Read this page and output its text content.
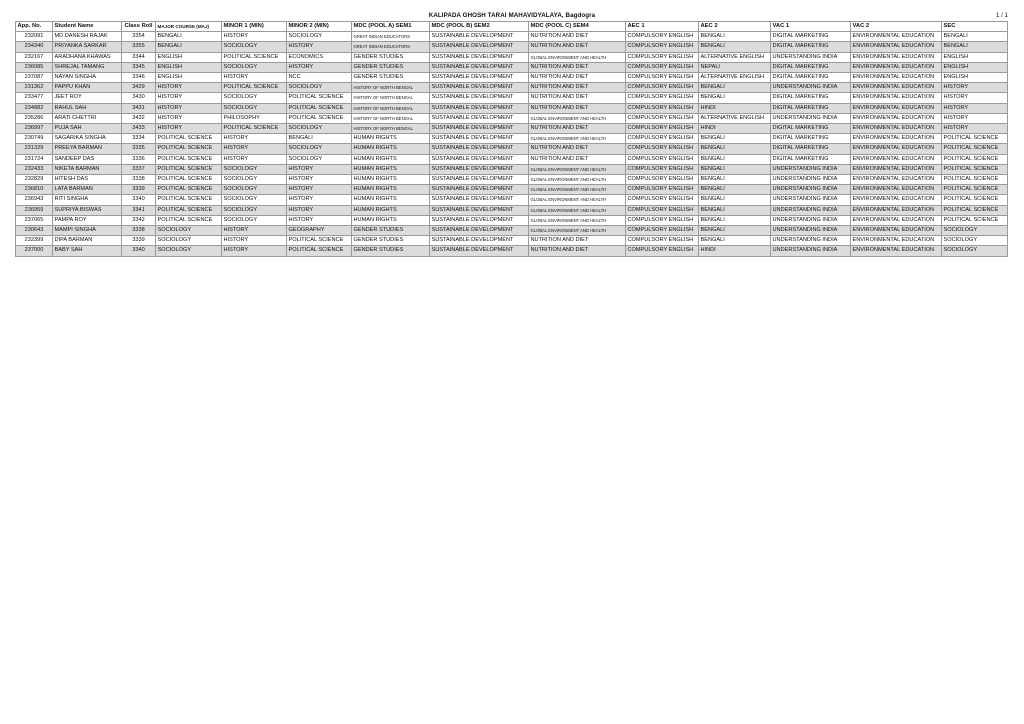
KALIPADA GHOSH TARAI MAHAVIDYALAYA, Bagdogra	1 / 1
App. No.	Student Name	Class Roll	MAJOR COURSE (MAJ)	MINOR 1 (MIN)	MINOR 2 (MIN)	MDC (POOL A) SEM1	MDC (POOL B) SEM2	MDC (POOL C) SEM4	AEC 1	AEC 2	VAC 1	VAC 2	SEC
232091	MD DANESH RAJAK	3354	BENGALI	HISTORY	SOCIOLOGY	GREAT INDIAN EDUCATORS	SUSTAINABLE DEVELOPMENT	NUTRITION AND DIET	COMPULSORY ENGLISH	BENGALI	DIGITAL MARKETING	ENVIRONMENTAL EDUCATION	BENGALI
234340	PRIYANKA SARKAR	3355	BENGALI	SOCIOLOGY	HISTORY	GREAT INDIAN EDUCATORS	SUSTAINABLE DEVELOPMENT	NUTRITION AND DIET	COMPULSORY ENGLISH	BENGALI	DIGITAL MARKETING	ENVIRONMENTAL EDUCATION	BENGALI
232167	ARADHANA KHAWAS	3344	ENGLISH	POLITICAL SCIENCE	ECONOMICS	GENDER STUDIES	SUSTAINABLE DEVELOPMENT	GLOBAL ENVIRONMENT AND HEALTH	COMPULSORY ENGLISH	ALTERNATIVE ENGLISH	UNDERSTANDING INDIA	ENVIRONMENTAL EDUCATION	ENGLISH
236085	SHREJAL TAMANG	3345	ENGLISH	SOCIOLOGY	HISTORY	GENDER STUDIES	SUSTAINABLE DEVELOPMENT	NUTRITION AND DIET	COMPULSORY ENGLISH	NEPALI	DIGITAL MARKETING	ENVIRONMENTAL EDUCATION	ENGLISH
237087	NAYAN SINGHA	3346	ENGLISH	HISTORY	NCC	GENDER STUDIES	SUSTAINABLE DEVELOPMENT	NUTRITION AND DIET	COMPULSORY ENGLISH	ALTERNATIVE ENGLISH	DIGITAL MARKETING	ENVIRONMENTAL EDUCATION	ENGLISH
231362	PAPPU KHAN	3429	HISTORY	POLITICAL SCIENCE	SOCIOLOGY	HISTORY OF NORTH BENGAL	SUSTAINABLE DEVELOPMENT	NUTRITION AND DIET	COMPULSORY ENGLISH	BENGALI	UNDERSTANDING INDIA	ENVIRONMENTAL EDUCATION	HISTORY
233477	JEET ROY	3430	HISTORY	SOCIOLOGY	POLITICAL SCIENCE	HISTORY OF NORTH BENGAL	SUSTAINABLE DEVELOPMENT	NUTRITION AND DIET	COMPULSORY ENGLISH	BENGALI	DIGITAL MARKETING	ENVIRONMENTAL EDUCATION	HISTORY
234882	RAHUL SAH	3431	HISTORY	SOCIOLOGY	POLITICAL SCIENCE	HISTORY OF NORTH BENGAL	SUSTAINABLE DEVELOPMENT	NUTRITION AND DIET	COMPULSORY ENGLISH	HINDI	DIGITAL MARKETING	ENVIRONMENTAL EDUCATION	HISTORY
235286	ARATI CHETTRI	3432	HISTORY	PHILOSOPHY	POLITICAL SCIENCE	HISTORY OF NORTH BENGAL	SUSTAINABLE DEVELOPMENT	GLOBAL ENVIRONMENT AND HEALTH	COMPULSORY ENGLISH	ALTERNATIVE ENGLISH	UNDERSTANDING INDIA	ENVIRONMENTAL EDUCATION	HISTORY
236997	PUJA SAH	3433	HISTORY	POLITICAL SCIENCE	SOCIOLOGY	HISTORY OF NORTH BENGAL	SUSTAINABLE DEVELOPMENT	NUTRITION AND DIET	COMPULSORY ENGLISH	HINDI	DIGITAL MARKETING	ENVIRONMENTAL EDUCATION	HISTORY
230749	SAGARIKA SINGHA	3334	POLITICAL SCIENCE	HISTORY	BENGALI	HUMAN RIGHTS	SUSTAINABLE DEVELOPMENT	GLOBAL ENVIRONMENT AND HEALTH	COMPULSORY ENGLISH	BENGALI	DIGITAL MARKETING	ENVIRONMENTAL EDUCATION	POLITICAL SCIENCE
231329	PREEYA BARMAN	3335	POLITICAL SCIENCE	HISTORY	SOCIOLOGY	HUMAN RIGHTS	SUSTAINABLE DEVELOPMENT	NUTRITION AND DIET	COMPULSORY ENGLISH	BENGALI	DIGITAL MARKETING	ENVIRONMENTAL EDUCATION	POLITICAL SCIENCE
231724	SANDEEP DAS	3336	POLITICAL SCIENCE	HISTORY	SOCIOLOGY	HUMAN RIGHTS	SUSTAINABLE DEVELOPMENT	NUTRITION AND DIET	COMPULSORY ENGLISH	BENGALI	DIGITAL MARKETING	ENVIRONMENTAL EDUCATION	POLITICAL SCIENCE
232433	NIKETA BARMAN	3337	POLITICAL SCIENCE	SOCIOLOGY	HISTORY	HUMAN RIGHTS	SUSTAINABLE DEVELOPMENT	GLOBAL ENVIRONMENT AND HEALTH	COMPULSORY ENGLISH	BENGALI	UNDERSTANDING INDIA	ENVIRONMENTAL EDUCATION	POLITICAL SCIENCE
232829	HITESH DAS	3338	POLITICAL SCIENCE	SOCIOLOGY	HISTORY	HUMAN RIGHTS	SUSTAINABLE DEVELOPMENT	GLOBAL ENVIRONMENT AND HEALTH	COMPULSORY ENGLISH	BENGALI	UNDERSTANDING INDIA	ENVIRONMENTAL EDUCATION	POLITICAL SCIENCE
236810	LATA BARMAN	3339	POLITICAL SCIENCE	SOCIOLOGY	HISTORY	HUMAN RIGHTS	SUSTAINABLE DEVELOPMENT	GLOBAL ENVIRONMENT AND HEALTH	COMPULSORY ENGLISH	BENGALI	UNDERSTANDING INDIA	ENVIRONMENTAL EDUCATION	POLITICAL SCIENCE
236943	RITI SINGHA	3340	POLITICAL SCIENCE	SOCIOLOGY	HISTORY	HUMAN RIGHTS	SUSTAINABLE DEVELOPMENT	GLOBAL ENVIRONMENT AND HEALTH	COMPULSORY ENGLISH	BENGALI	UNDERSTANDING INDIA	ENVIRONMENTAL EDUCATION	POLITICAL SCIENCE
236959	SUPRIYA BISWAS	3341	POLITICAL SCIENCE	SOCIOLOGY	HISTORY	HUMAN RIGHTS	SUSTAINABLE DEVELOPMENT	GLOBAL ENVIRONMENT AND HEALTH	COMPULSORY ENGLISH	BENGALI	UNDERSTANDING INDIA	ENVIRONMENTAL EDUCATION	POLITICAL SCIENCE
237065	PAMPA ROY	3342	POLITICAL SCIENCE	SOCIOLOGY	HISTORY	HUMAN RIGHTS	SUSTAINABLE DEVELOPMENT	GLOBAL ENVIRONMENT AND HEALTH	COMPULSORY ENGLISH	BENGALI	UNDERSTANDING INDIA	ENVIRONMENTAL EDUCATION	POLITICAL SCIENCE
230643	MAMPI SINGHA	3338	SOCIOLOGY	HISTORY	GEOGRAPHY	GENDER STUDIES	SUSTAINABLE DEVELOPMENT	GLOBAL ENVIRONMENT AND HEALTH	COMPULSORY ENGLISH	BENGALI	UNDERSTANDING INDIA	ENVIRONMENTAL EDUCATION	SOCIOLOGY
232399	DIPA BARMAN	3339	SOCIOLOGY	HISTORY	POLITICAL SCIENCE	GENDER STUDIES	SUSTAINABLE DEVELOPMENT	NUTRITION AND DIET	COMPULSORY ENGLISH	BENGALI	UNDERSTANDING INDIA	ENVIRONMENTAL EDUCATION	SOCIOLOGY
237000	BABY SAH	3340	SOCIOLOGY	HISTORY	POLITICAL SCIENCE	GENDER STUDIES	SUSTAINABLE DEVELOPMENT	NUTRITION AND DIET	COMPULSORY ENGLISH	HINDI	UNDERSTANDING INDIA	ENVIRONMENTAL EDUCATION	SOCIOLOGY
